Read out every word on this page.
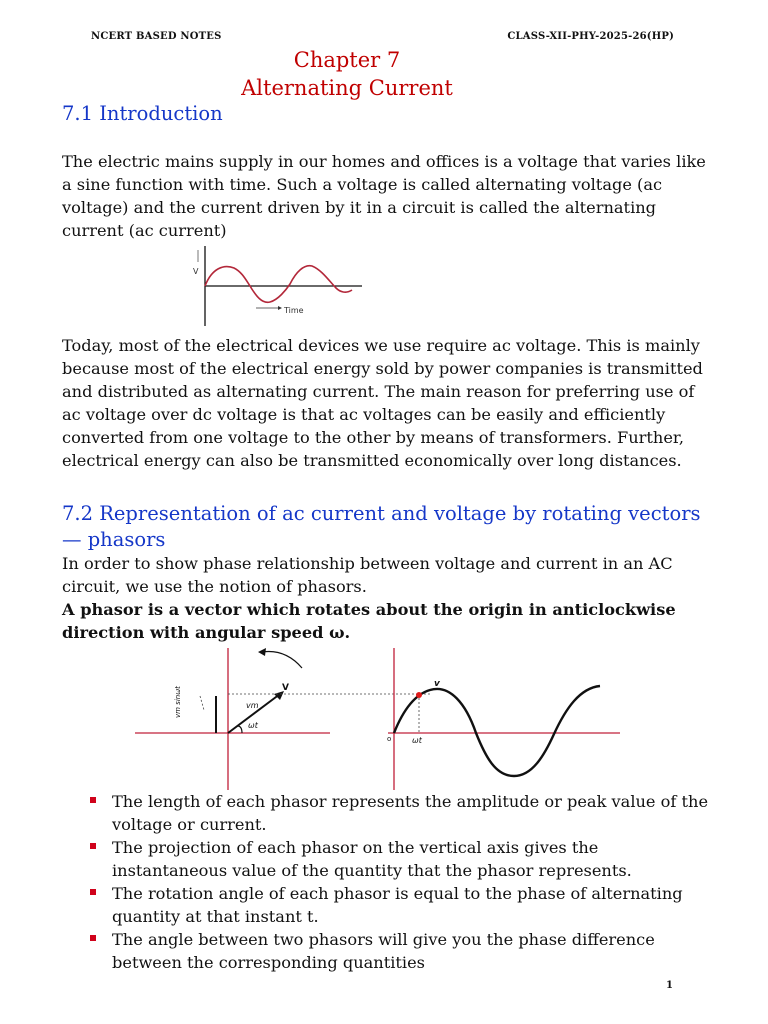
NCERT BASED NOTES	CLASS-XII-PHY-2025-26(HP)
Chapter 7
Alternating Current
7.1 Introduction
The electric mains supply in our homes and offices is a voltage that varies like a sine function with time. Such a voltage is called alternating voltage (ac voltage) and the current driven by it in a circuit is called the alternating current (ac current)
V
Time
Today, most of the electrical devices we use require ac voltage. This is mainly because most of the electrical energy sold by power companies is transmitted and distributed as alternating current. The main reason for preferring use of ac voltage over dc voltage is that ac voltages can be easily and efficiently converted from one voltage to the other by means of transformers. Further, electrical energy can also be transmitted economically over long distances.
7.2 Representation of ac current and voltage by rotating vectors — phasors
In order to show phase relationship between voltage and current in an AC circuit, we use the notion of phasors.
A phasor is a vector which rotates about the origin in anticlockwise direction with angular speed ω.
V
vm
ωt
vm sinωt
v
o	ωt
The length of each phasor represents the amplitude or peak value of the voltage or current.
The projection of each phasor on the vertical axis gives the instantaneous value of the quantity that the phasor represents.
The rotation angle of each phasor is equal to the phase of alternating quantity at that instant t.
The angle between two phasors will give you the phase difference between the corresponding quantities
1
